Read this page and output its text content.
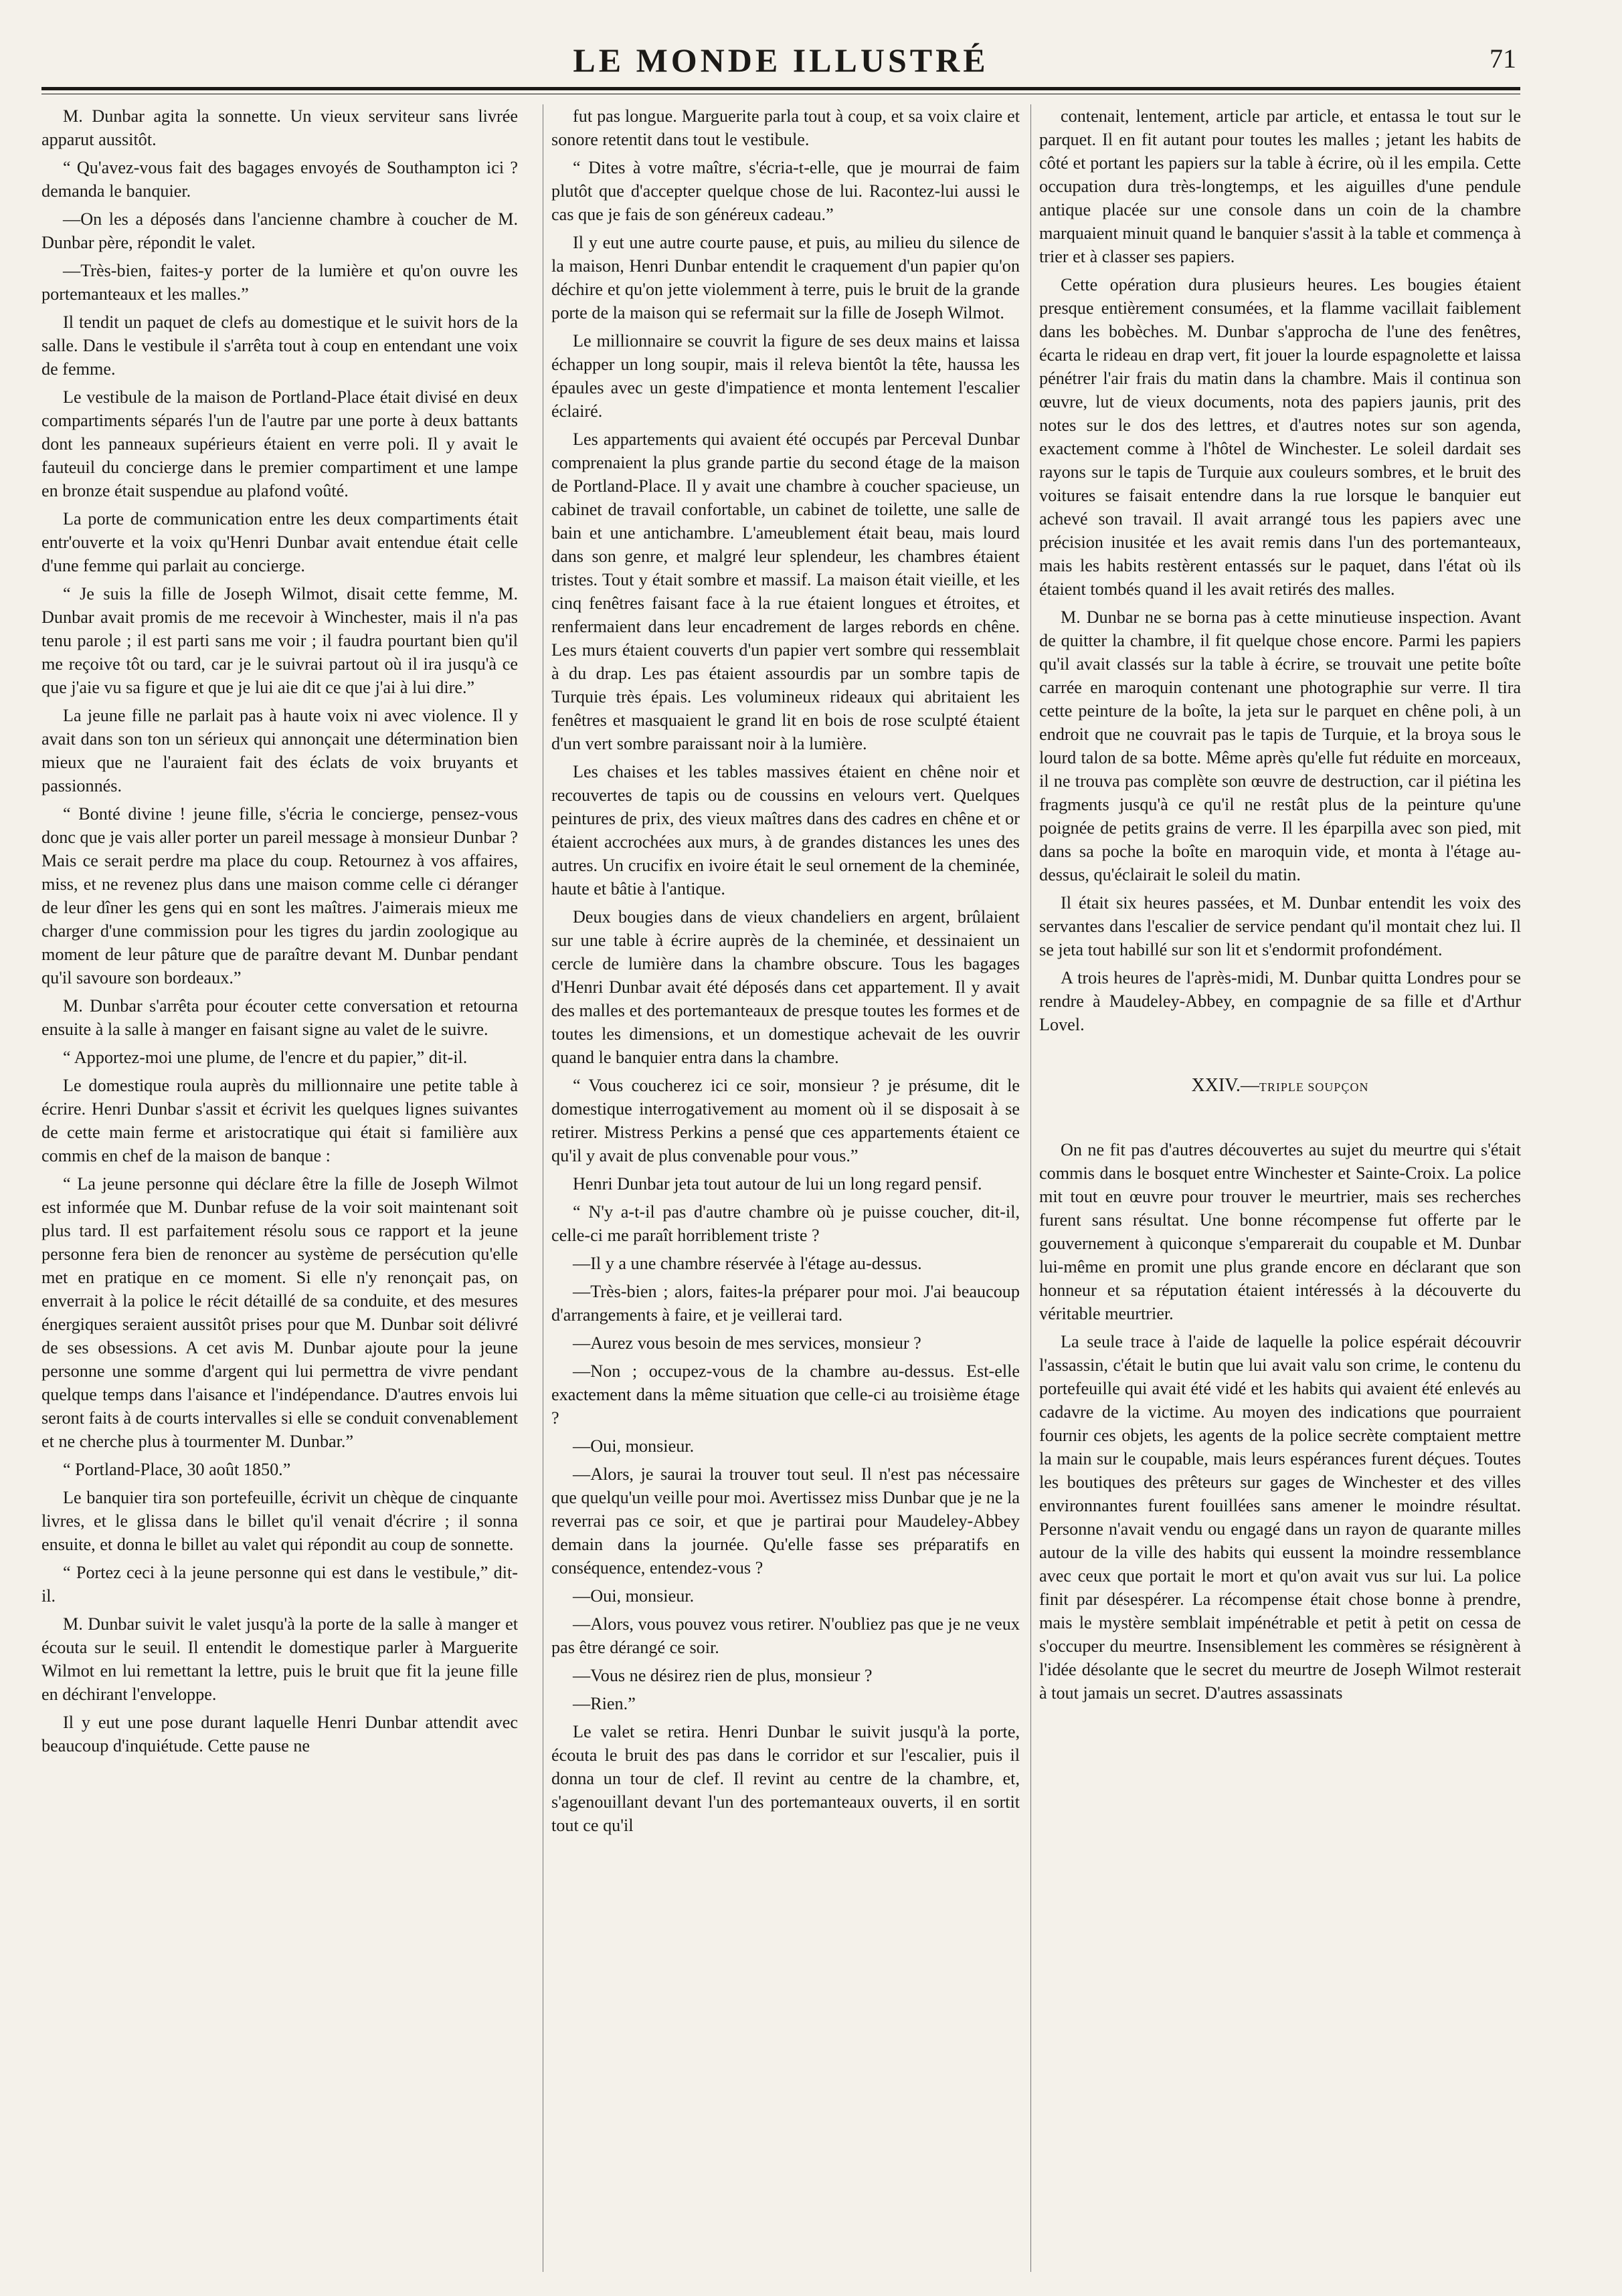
LE MONDE ILLUSTRÉ	71

M. Dunbar agita la sonnette. Un vieux serviteur sans livrée apparut aussitôt.

“ Qu'avez-vous fait des bagages envoyés de Southampton ici ? demanda le banquier.

—On les a déposés dans l'ancienne chambre à coucher de M. Dunbar père, répondit le valet.

—Très-bien, faites-y porter de la lumière et qu'on ouvre les portemanteaux et les malles.”

Il tendit un paquet de clefs au domestique et le suivit hors de la salle. Dans le vestibule il s'arrêta tout à coup en entendant une voix de femme.

Le vestibule de la maison de Portland-Place était divisé en deux compartiments séparés l'un de l'autre par une porte à deux battants dont les panneaux supérieurs étaient en verre poli. Il y avait le fauteuil du concierge dans le premier compartiment et une lampe en bronze était suspendue au plafond voûté.

La porte de communication entre les deux compartiments était entr'ouverte et la voix qu'Henri Dunbar avait entendue était celle d'une femme qui parlait au concierge.

“ Je suis la fille de Joseph Wilmot, disait cette femme, M. Dunbar avait promis de me recevoir à Winchester, mais il n'a pas tenu parole ; il est parti sans me voir ; il faudra pourtant bien qu'il me reçoive tôt ou tard, car je le suivrai partout où il ira jusqu'à ce que j'aie vu sa figure et que je lui aie dit ce que j'ai à lui dire.”

La jeune fille ne parlait pas à haute voix ni avec violence. Il y avait dans son ton un sérieux qui annonçait une détermination bien mieux que ne l'auraient fait des éclats de voix bruyants et passionnés.

“ Bonté divine ! jeune fille, s'écria le concierge, pensez-vous donc que je vais aller porter un pareil message à monsieur Dunbar ? Mais ce serait perdre ma place du coup. Retournez à vos affaires, miss, et ne revenez plus dans une maison comme celle ci déranger de leur dîner les gens qui en sont les maîtres. J'aimerais mieux me charger d'une commission pour les tigres du jardin zoologique au moment de leur pâture que de paraître devant M. Dunbar pendant qu'il savoure son bordeaux.”

M. Dunbar s'arrêta pour écouter cette conversation et retourna ensuite à la salle à manger en faisant signe au valet de le suivre.

“ Apportez-moi une plume, de l'encre et du papier,” dit-il.

Le domestique roula auprès du millionnaire une petite table à écrire. Henri Dunbar s'assit et écrivit les quelques lignes suivantes de cette main ferme et aristocratique qui était si familière aux commis en chef de la maison de banque :

“ La jeune personne qui déclare être la fille de Joseph Wilmot est informée que M. Dunbar refuse de la voir soit maintenant soit plus tard. Il est parfaitement résolu sous ce rapport et la jeune personne fera bien de renoncer au système de persécution qu'elle met en pratique en ce moment. Si elle n'y renonçait pas, on enverrait à la police le récit détaillé de sa conduite, et des mesures énergiques seraient aussitôt prises pour que M. Dunbar soit délivré de ses obsessions. A cet avis M. Dunbar ajoute pour la jeune personne une somme d'argent qui lui permettra de vivre pendant quelque temps dans l'aisance et l'indépendance. D'autres envois lui seront faits à de courts intervalles si elle se conduit convenablement et ne cherche plus à tourmenter M. Dunbar.”

“ Portland-Place, 30 août 1850.”

Le banquier tira son portefeuille, écrivit un chèque de cinquante livres, et le glissa dans le billet qu'il venait d'écrire ; il sonna ensuite, et donna le billet au valet qui répondit au coup de sonnette.

“ Portez ceci à la jeune personne qui est dans le vestibule,” dit-il.

M. Dunbar suivit le valet jusqu'à la porte de la salle à manger et écouta sur le seuil. Il entendit le domestique parler à Marguerite Wilmot en lui remettant la lettre, puis le bruit que fit la jeune fille en déchirant l'enveloppe.

Il y eut une pose durant laquelle Henri Dunbar attendit avec beaucoup d'inquiétude. Cette pause ne

fut pas longue. Marguerite parla tout à coup, et sa voix claire et sonore retentit dans tout le vestibule.

“ Dites à votre maître, s'écria-t-elle, que je mourrai de faim plutôt que d'accepter quelque chose de lui. Racontez-lui aussi le cas que je fais de son généreux cadeau.”

Il y eut une autre courte pause, et puis, au milieu du silence de la maison, Henri Dunbar entendit le craquement d'un papier qu'on déchire et qu'on jette violemment à terre, puis le bruit de la grande porte de la maison qui se refermait sur la fille de Joseph Wilmot.

Le millionnaire se couvrit la figure de ses deux mains et laissa échapper un long soupir, mais il releva bientôt la tête, haussa les épaules avec un geste d'impatience et monta lentement l'escalier éclairé.

Les appartements qui avaient été occupés par Perceval Dunbar comprenaient la plus grande partie du second étage de la maison de Portland-Place. Il y avait une chambre à coucher spacieuse, un cabinet de travail confortable, un cabinet de toilette, une salle de bain et une antichambre. L'ameublement était beau, mais lourd dans son genre, et malgré leur splendeur, les chambres étaient tristes. Tout y était sombre et massif. La maison était vieille, et les cinq fenêtres faisant face à la rue étaient longues et étroites, et renfermaient dans leur encadrement de larges rebords en chêne. Les murs étaient couverts d'un papier vert sombre qui ressemblait à du drap. Les pas étaient assourdis par un sombre tapis de Turquie très épais. Les volumineux rideaux qui abritaient les fenêtres et masquaient le grand lit en bois de rose sculpté étaient d'un vert sombre paraissant noir à la lumière.

Les chaises et les tables massives étaient en chêne noir et recouvertes de tapis ou de coussins en velours vert. Quelques peintures de prix, des vieux maîtres dans des cadres en chêne et or étaient accrochées aux murs, à de grandes distances les unes des autres. Un crucifix en ivoire était le seul ornement de la cheminée, haute et bâtie à l'antique.

Deux bougies dans de vieux chandeliers en argent, brûlaient sur une table à écrire auprès de la cheminée, et dessinaient un cercle de lumière dans la chambre obscure. Tous les bagages d'Henri Dunbar avait été déposés dans cet appartement. Il y avait des malles et des portemanteaux de presque toutes les formes et de toutes les dimensions, et un domestique achevait de les ouvrir quand le banquier entra dans la chambre.

“ Vous coucherez ici ce soir, monsieur ? je présume, dit le domestique interrogativement au moment où il se disposait à se retirer. Mistress Perkins a pensé que ces appartements étaient ce qu'il y avait de plus convenable pour vous.”

Henri Dunbar jeta tout autour de lui un long regard pensif.

“ N'y a-t-il pas d'autre chambre où je puisse coucher, dit-il, celle-ci me paraît horriblement triste ?

—Il y a une chambre réservée à l'étage au-dessus.

—Très-bien ; alors, faites-la préparer pour moi. J'ai beaucoup d'arrangements à faire, et je veillerai tard.

—Aurez vous besoin de mes services, monsieur ?

—Non ; occupez-vous de la chambre au-dessus. Est-elle exactement dans la même situation que celle-ci au troisième étage ?

—Oui, monsieur.

—Alors, je saurai la trouver tout seul. Il n'est pas nécessaire que quelqu'un veille pour moi. Avertissez miss Dunbar que je ne la reverrai pas ce soir, et que je partirai pour Maudeley-Abbey demain dans la journée. Qu'elle fasse ses préparatifs en conséquence, entendez-vous ?

—Oui, monsieur.

—Alors, vous pouvez vous retirer. N'oubliez pas que je ne veux pas être dérangé ce soir.

—Vous ne désirez rien de plus, monsieur ?

—Rien.”

Le valet se retira. Henri Dunbar le suivit jusqu'à la porte, écouta le bruit des pas dans le corridor et sur l'escalier, puis il donna un tour de clef. Il revint au centre de la chambre, et, s'agenouillant devant l'un des portemanteaux ouverts, il en sortit tout ce qu'il

contenait, lentement, article par article, et entassa le tout sur le parquet. Il en fit autant pour toutes les malles ; jetant les habits de côté et portant les papiers sur la table à écrire, où il les empila. Cette occupation dura très-longtemps, et les aiguilles d'une pendule antique placée sur une console dans un coin de la chambre marquaient minuit quand le banquier s'assit à la table et commença à trier et à classer ses papiers.

Cette opération dura plusieurs heures. Les bougies étaient presque entièrement consumées, et la flamme vacillait faiblement dans les bobèches. M. Dunbar s'approcha de l'une des fenêtres, écarta le rideau en drap vert, fit jouer la lourde espagnolette et laissa pénétrer l'air frais du matin dans la chambre. Mais il continua son œuvre, lut de vieux documents, nota des papiers jaunis, prit des notes sur le dos des lettres, et d'autres notes sur son agenda, exactement comme à l'hôtel de Winchester. Le soleil dardait ses rayons sur le tapis de Turquie aux couleurs sombres, et le bruit des voitures se faisait entendre dans la rue lorsque le banquier eut achevé son travail. Il avait arrangé tous les papiers avec une précision inusitée et les avait remis dans l'un des portemanteaux, mais les habits restèrent entassés sur le paquet, dans l'état où ils étaient tombés quand il les avait retirés des malles.

M. Dunbar ne se borna pas à cette minutieuse inspection. Avant de quitter la chambre, il fit quelque chose encore. Parmi les papiers qu'il avait classés sur la table à écrire, se trouvait une petite boîte carrée en maroquin contenant une photographie sur verre. Il tira cette peinture de la boîte, la jeta sur le parquet en chêne poli, à un endroit que ne couvrait pas le tapis de Turquie, et la broya sous le lourd talon de sa botte. Même après qu'elle fut réduite en morceaux, il ne trouva pas complète son œuvre de destruction, car il piétina les fragments jusqu'à ce qu'il ne restât plus de la peinture qu'une poignée de petits grains de verre. Il les éparpilla avec son pied, mit dans sa poche la boîte en maroquin vide, et monta à l'étage au-dessus, qu'éclairait le soleil du matin.

Il était six heures passées, et M. Dunbar entendit les voix des servantes dans l'escalier de service pendant qu'il montait chez lui. Il se jeta tout habillé sur son lit et s'endormit profondément.

A trois heures de l'après-midi, M. Dunbar quitta Londres pour se rendre à Maudeley-Abbey, en compagnie de sa fille et d'Arthur Lovel.

XXIV.—TRIPLE SOUPÇON

On ne fit pas d'autres découvertes au sujet du meurtre qui s'était commis dans le bosquet entre Winchester et Sainte-Croix. La police mit tout en œuvre pour trouver le meurtrier, mais ses recherches furent sans résultat. Une bonne récompense fut offerte par le gouvernement à quiconque s'emparerait du coupable et M. Dunbar lui-même en promit une plus grande encore en déclarant que son honneur et sa réputation étaient intéressés à la découverte du véritable meurtrier.

La seule trace à l'aide de laquelle la police espérait découvrir l'assassin, c'était le butin que lui avait valu son crime, le contenu du portefeuille qui avait été vidé et les habits qui avaient été enlevés au cadavre de la victime. Au moyen des indications que pourraient fournir ces objets, les agents de la police secrète comptaient mettre la main sur le coupable, mais leurs espérances furent déçues. Toutes les boutiques des prêteurs sur gages de Winchester et des villes environnantes furent fouillées sans amener le moindre résultat. Personne n'avait vendu ou engagé dans un rayon de quarante milles autour de la ville des habits qui eussent la moindre ressemblance avec ceux que portait le mort et qu'on avait vus sur lui. La police finit par désespérer. La récompense était chose bonne à prendre, mais le mystère semblait impénétrable et petit à petit on cessa de s'occuper du meurtre. Insensiblement les commères se résignèrent à l'idée désolante que le secret du meurtre de Joseph Wilmot resterait à tout jamais un secret. D'autres assassinats
